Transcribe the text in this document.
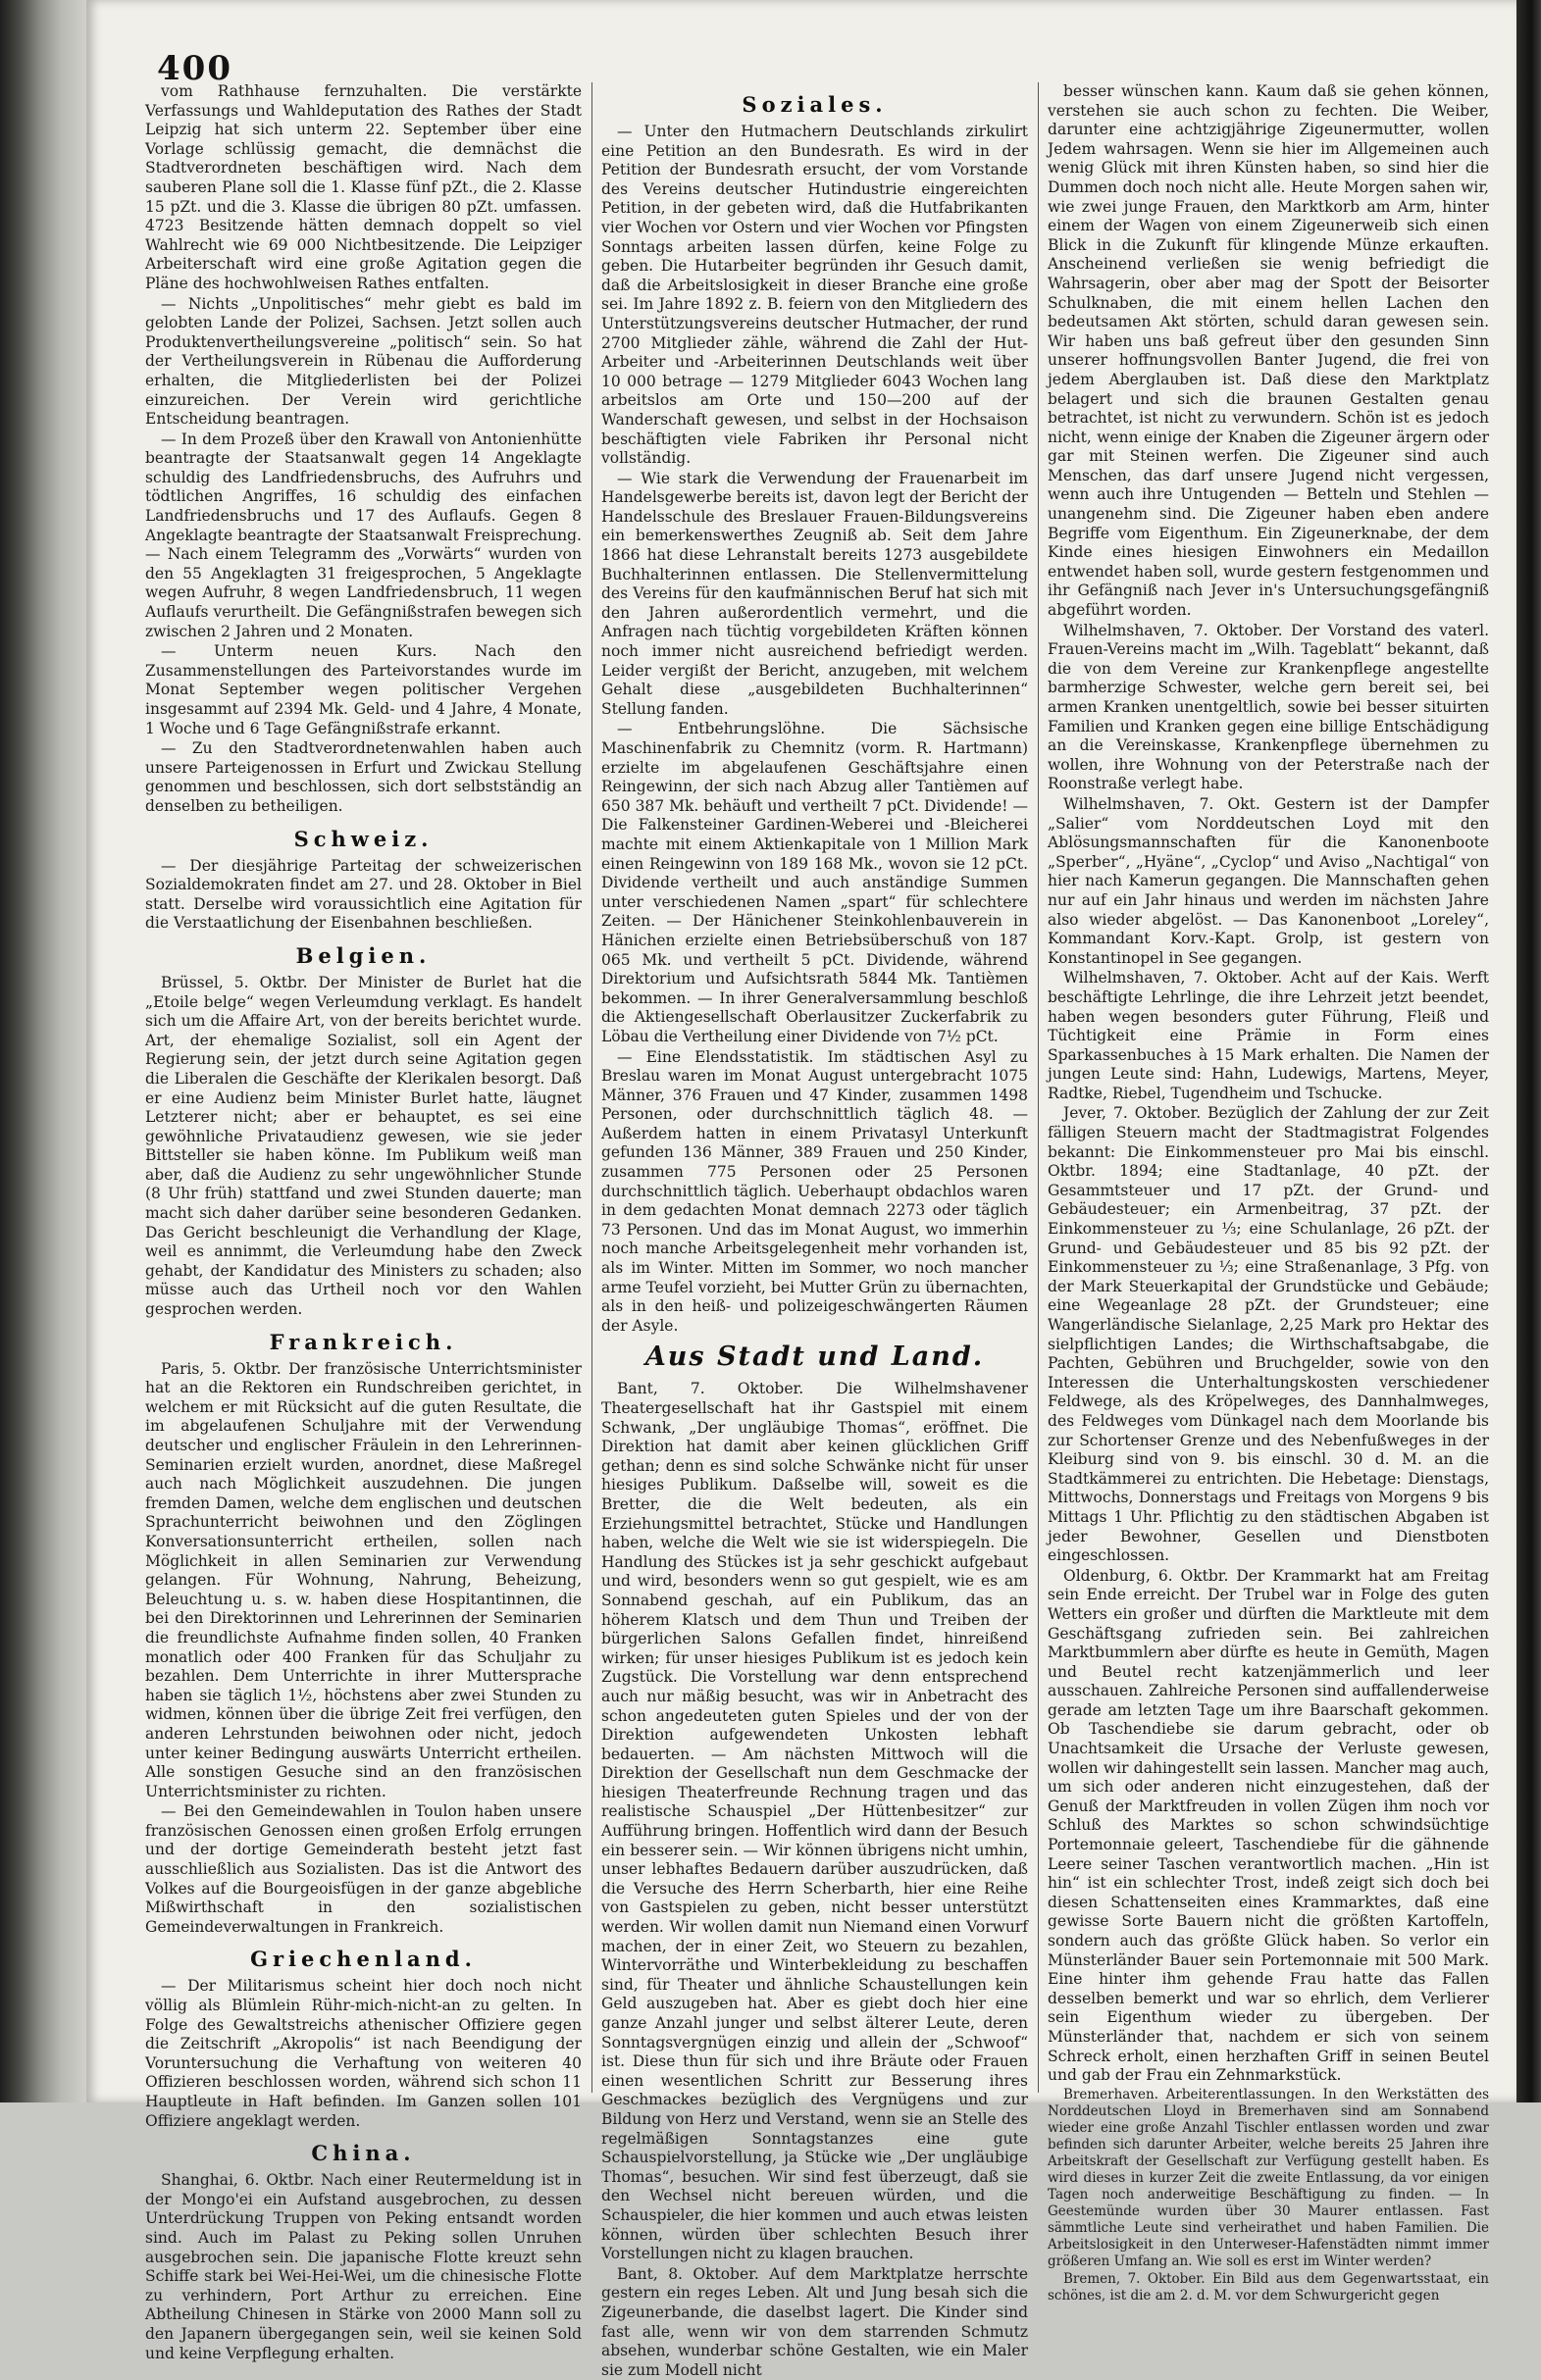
400

vom Rathhause fernzuhalten. Die verstärkte Verfassungs und Wahldeputation des Rathes der Stadt Leipzig hat sich unterm 22. September über eine Vorlage schlüssig gemacht, die demnächst die Stadtverordneten beschäftigen wird. Nach dem sauberen Plane soll die 1. Klasse fünf pZt., die 2. Klasse 15 pZt. und die 3. Klasse die übrigen 80 pZt. umfassen. 4723 Besitzende hätten demnach doppelt so viel Wahlrecht wie 69 000 Nichtbesitzende. Die Leipziger Arbeiterschaft wird eine große Agitation gegen die Pläne des hochwohlweisen Rathes entfalten.

— Nichts „Unpolitisches“ mehr giebt es bald im gelobten Lande der Polizei, Sachsen. Jetzt sollen auch Produktenvertheilungsvereine „politisch“ sein. So hat der Vertheilungsverein in Rübenau die Aufforderung erhalten, die Mitgliederlisten bei der Polizei einzureichen. Der Verein wird gerichtliche Entscheidung beantragen.

— In dem Prozeß über den Krawall von Antonienhütte beantragte der Staatsanwalt gegen 14 Angeklagte schuldig des Landfriedensbruchs, des Aufruhrs und tödtlichen Angriffes, 16 schuldig des einfachen Landfriedensbruchs und 17 des Auflaufs. Gegen 8 Angeklagte beantragte der Staatsanwalt Freisprechung. — Nach einem Telegramm des „Vorwärts“ wurden von den 55 Angeklagten 31 freigesprochen, 5 Angeklagte wegen Aufruhr, 8 wegen Landfriedensbruch, 11 wegen Auflaufs verurtheilt. Die Gefängnißstrafen bewegen sich zwischen 2 Jahren und 2 Monaten.

— Unterm neuen Kurs. Nach den Zusammenstellungen des Parteivorstandes wurde im Monat September wegen politischer Vergehen insgesammt auf 2394 Mk. Geld- und 4 Jahre, 4 Monate, 1 Woche und 6 Tage Gefängnißstrafe erkannt.

— Zu den Stadtverordnetenwahlen haben auch unsere Parteigenossen in Erfurt und Zwickau Stellung genommen und beschlossen, sich dort selbstständig an denselben zu betheiligen.

Schweiz.

— Der diesjährige Parteitag der schweizerischen Sozialdemokraten findet am 27. und 28. Oktober in Biel statt. Derselbe wird voraussichtlich eine Agitation für die Verstaatlichung der Eisenbahnen beschließen.

Belgien.

Brüssel, 5. Oktbr. Der Minister de Burlet hat die „Etoile belge“ wegen Verleumdung verklagt. Es handelt sich um die Affaire Art, von der bereits berichtet wurde. Art, der ehemalige Sozialist, soll ein Agent der Regierung sein, der jetzt durch seine Agitation gegen die Liberalen die Geschäfte der Klerikalen besorgt. Daß er eine Audienz beim Minister Burlet hatte, läugnet Letzterer nicht; aber er behauptet, es sei eine gewöhnliche Privataudienz gewesen, wie sie jeder Bittsteller sie haben könne. Im Publikum weiß man aber, daß die Audienz zu sehr ungewöhnlicher Stunde (8 Uhr früh) stattfand und zwei Stunden dauerte; man macht sich daher darüber seine besonderen Gedanken. Das Gericht beschleunigt die Verhandlung der Klage, weil es annimmt, die Verleumdung habe den Zweck gehabt, der Kandidatur des Ministers zu schaden; also müsse auch das Urtheil noch vor den Wahlen gesprochen werden.

Frankreich.

Paris, 5. Oktbr. Der französische Unterrichtsminister hat an die Rektoren ein Rundschreiben gerichtet, in welchem er mit Rücksicht auf die guten Resultate, die im abgelaufenen Schuljahre mit der Verwendung deutscher und englischer Fräulein in den Lehrerinnen-Seminarien erzielt wurden, anordnet, diese Maßregel auch nach Möglichkeit auszudehnen. Die jungen fremden Damen, welche dem englischen und deutschen Sprachunterricht beiwohnen und den Zöglingen Konversationsunterricht ertheilen, sollen nach Möglichkeit in allen Seminarien zur Verwendung gelangen. Für Wohnung, Nahrung, Beheizung, Beleuchtung u. s. w. haben diese Hospitantinnen, die bei den Direktorinnen und Lehrerinnen der Seminarien die freundlichste Aufnahme finden sollen, 40 Franken monatlich oder 400 Franken für das Schuljahr zu bezahlen. Dem Unterrichte in ihrer Muttersprache haben sie täglich 1½, höchstens aber zwei Stunden zu widmen, können über die übrige Zeit frei verfügen, den anderen Lehrstunden beiwohnen oder nicht, jedoch unter keiner Bedingung auswärts Unterricht ertheilen. Alle sonstigen Gesuche sind an den französischen Unterrichtsminister zu richten.

— Bei den Gemeindewahlen in Toulon haben unsere französischen Genossen einen großen Erfolg errungen und der dortige Gemeinderath besteht jetzt fast ausschließlich aus Sozialisten. Das ist die Antwort des Volkes auf die Bourgeoisfügen in der ganze abgebliche Mißwirthschaft in den sozialistischen Gemeindeverwaltungen in Frankreich.

Griechenland.

— Der Militarismus scheint hier doch noch nicht völlig als Blümlein Rühr-mich-nicht-an zu gelten. In Folge des Gewaltstreichs athenischer Offiziere gegen die Zeitschrift „Akropolis“ ist nach Beendigung der Voruntersuchung die Verhaftung von weiteren 40 Offizieren beschlossen worden, während sich schon 11 Hauptleute in Haft befinden. Im Ganzen sollen 101 Offiziere angeklagt werden.

China.

Shanghai, 6. Oktbr. Nach einer Reutermeldung ist in der Mongo'ei ein Aufstand ausgebrochen, zu dessen Unterdrückung Truppen von Peking entsandt worden sind. Auch im Palast zu Peking sollen Unruhen ausgebrochen sein. Die japanische Flotte kreuzt sehn Schiffe stark bei Wei-Hei-Wei, um die chinesische Flotte zu verhindern, Port Arthur zu erreichen. Eine Abtheilung Chinesen in Stärke von 2000 Mann soll zu den Japanern übergegangen sein, weil sie keinen Sold und keine Verpflegung erhalten.

Soziales.

— Unter den Hutmachern Deutschlands zirkulirt eine Petition an den Bundesrath. Es wird in der Petition der Bundesrath ersucht, der vom Vorstande des Vereins deutscher Hutindustrie eingereichten Petition, in der gebeten wird, daß die Hutfabrikanten vier Wochen vor Ostern und vier Wochen vor Pfingsten Sonntags arbeiten lassen dürfen, keine Folge zu geben. Die Hutarbeiter begründen ihr Gesuch damit, daß die Arbeitslosigkeit in dieser Branche eine große sei. Im Jahre 1892 z. B. feiern von den Mitgliedern des Unterstützungsvereins deutscher Hutmacher, der rund 2700 Mitglieder zähle, während die Zahl der Hut-Arbeiter und -Arbeiterinnen Deutschlands weit über 10 000 betrage — 1279 Mitglieder 6043 Wochen lang arbeitslos am Orte und 150—200 auf der Wanderschaft gewesen, und selbst in der Hochsaison beschäftigten viele Fabriken ihr Personal nicht vollständig.

— Wie stark die Verwendung der Frauenarbeit im Handelsgewerbe bereits ist, davon legt der Bericht der Handelsschule des Breslauer Frauen-Bildungsvereins ein bemerkenswerthes Zeugniß ab. Seit dem Jahre 1866 hat diese Lehranstalt bereits 1273 ausgebildete Buchhalterinnen entlassen. Die Stellenvermittelung des Vereins für den kaufmännischen Beruf hat sich mit den Jahren außerordentlich vermehrt, und die Anfragen nach tüchtig vorgebildeten Kräften können noch immer nicht ausreichend befriedigt werden. Leider vergißt der Bericht, anzugeben, mit welchem Gehalt diese „ausgebildeten Buchhalterinnen“ Stellung fanden.

— Entbehrungslöhne. Die Sächsische Maschinenfabrik zu Chemnitz (vorm. R. Hartmann) erzielte im abgelaufenen Geschäftsjahre einen Reingewinn, der sich nach Abzug aller Tantièmen auf 650 387 Mk. behäuft und vertheilt 7 pCt. Dividende! — Die Falkensteiner Gardinen-Weberei und -Bleicherei machte mit einem Aktienkapitale von 1 Million Mark einen Reingewinn von 189 168 Mk., wovon sie 12 pCt. Dividende vertheilt und auch anständige Summen unter verschiedenen Namen „spart“ für schlechtere Zeiten. — Der Hänichener Steinkohlenbauverein in Hänichen erzielte einen Betriebsüberschuß von 187 065 Mk. und vertheilt 5 pCt. Dividende, während Direktorium und Aufsichtsrath 5844 Mk. Tantièmen bekommen. — In ihrer Generalversammlung beschloß die Aktiengesellschaft Oberlausitzer Zuckerfabrik zu Löbau die Vertheilung einer Dividende von 7½ pCt.

— Eine Elendsstatistik. Im städtischen Asyl zu Breslau waren im Monat August untergebracht 1075 Männer, 376 Frauen und 47 Kinder, zusammen 1498 Personen, oder durchschnittlich täglich 48. — Außerdem hatten in einem Privatasyl Unterkunft gefunden 136 Männer, 389 Frauen und 250 Kinder, zusammen 775 Personen oder 25 Personen durchschnittlich täglich. Ueberhaupt obdachlos waren in dem gedachten Monat demnach 2273 oder täglich 73 Personen. Und das im Monat August, wo immerhin noch manche Arbeitsgelegenheit mehr vorhanden ist, als im Winter. Mitten im Sommer, wo noch mancher arme Teufel vorzieht, bei Mutter Grün zu übernachten, als in den heiß- und polizeigeschwängerten Räumen der Asyle.

Aus Stadt und Land.

Bant, 7. Oktober. Die Wilhelmshavener Theatergesellschaft hat ihr Gastspiel mit einem Schwank, „Der ungläubige Thomas“, eröffnet. Die Direktion hat damit aber keinen glücklichen Griff gethan; denn es sind solche Schwänke nicht für unser hiesiges Publikum. Daßselbe will, soweit es die Bretter, die die Welt bedeuten, als ein Erziehungsmittel betrachtet, Stücke und Handlungen haben, welche die Welt wie sie ist widerspiegeln. Die Handlung des Stückes ist ja sehr geschickt aufgebaut und wird, besonders wenn so gut gespielt, wie es am Sonnabend geschah, auf ein Publikum, das an höherem Klatsch und dem Thun und Treiben der bürgerlichen Salons Gefallen findet, hinreißend wirken; für unser hiesiges Publikum ist es jedoch kein Zugstück. Die Vorstellung war denn entsprechend auch nur mäßig besucht, was wir in Anbetracht des schon angedeuteten guten Spieles und der von der Direktion aufgewendeten Unkosten lebhaft bedauerten. — Am nächsten Mittwoch will die Direktion der Gesellschaft nun dem Geschmacke der hiesigen Theaterfreunde Rechnung tragen und das realistische Schauspiel „Der Hüttenbesitzer“ zur Aufführung bringen. Hoffentlich wird dann der Besuch ein besserer sein. — Wir können übrigens nicht umhin, unser lebhaftes Bedauern darüber auszudrücken, daß die Versuche des Herrn Scherbarth, hier eine Reihe von Gastspielen zu geben, nicht besser unterstützt werden. Wir wollen damit nun Niemand einen Vorwurf machen, der in einer Zeit, wo Steuern zu bezahlen, Wintervorräthe und Winterbekleidung zu beschaffen sind, für Theater und ähnliche Schaustellungen kein Geld auszugeben hat. Aber es giebt doch hier eine ganze Anzahl junger und selbst älterer Leute, deren Sonntagsvergnügen einzig und allein der „Schwoof“ ist. Diese thun für sich und ihre Bräute oder Frauen einen wesentlichen Schritt zur Besserung ihres Geschmackes bezüglich des Vergnügens und zur Bildung von Herz und Verstand, wenn sie an Stelle des regelmäßigen Sonntagstanzes eine gute Schauspielvorstellung, ja Stücke wie „Der ungläubige Thomas“, besuchen. Wir sind fest überzeugt, daß sie den Wechsel nicht bereuen würden, und die Schauspieler, die hier kommen und auch etwas leisten können, würden über schlechten Besuch ihrer Vorstellungen nicht zu klagen brauchen.

Bant, 8. Oktober. Auf dem Marktplatze herrschte gestern ein reges Leben. Alt und Jung besah sich die Zigeunerbande, die daselbst lagert. Die Kinder sind fast alle, wenn wir von dem starrenden Schmutz absehen, wunderbar schöne Gestalten, wie ein Maler sie zum Modell nicht

besser wünschen kann. Kaum daß sie gehen können, verstehen sie auch schon zu fechten. Die Weiber, darunter eine achtzigjährige Zigeunermutter, wollen Jedem wahrsagen. Wenn sie hier im Allgemeinen auch wenig Glück mit ihren Künsten haben, so sind hier die Dummen doch noch nicht alle. Heute Morgen sahen wir, wie zwei junge Frauen, den Marktkorb am Arm, hinter einem der Wagen von einem Zigeunerweib sich einen Blick in die Zukunft für klingende Münze erkauften. Anscheinend verließen sie wenig befriedigt die Wahrsagerin, ober aber mag der Spott der Beisorter Schulknaben, die mit einem hellen Lachen den bedeutsamen Akt störten, schuld daran gewesen sein. Wir haben uns baß gefreut über den gesunden Sinn unserer hoffnungsvollen Banter Jugend, die frei von jedem Aberglauben ist. Daß diese den Marktplatz belagert und sich die braunen Gestalten genau betrachtet, ist nicht zu verwundern. Schön ist es jedoch nicht, wenn einige der Knaben die Zigeuner ärgern oder gar mit Steinen werfen. Die Zigeuner sind auch Menschen, das darf unsere Jugend nicht vergessen, wenn auch ihre Untugenden — Betteln und Stehlen — unangenehm sind. Die Zigeuner haben eben andere Begriffe vom Eigenthum. Ein Zigeunerknabe, der dem Kinde eines hiesigen Einwohners ein Medaillon entwendet haben soll, wurde gestern festgenommen und ihr Gefängniß nach Jever in's Untersuchungsgefängniß abgeführt worden.

Wilhelmshaven, 7. Oktober. Der Vorstand des vaterl. Frauen-Vereins macht im „Wilh. Tageblatt“ bekannt, daß die von dem Vereine zur Krankenpflege angestellte barmherzige Schwester, welche gern bereit sei, bei armen Kranken unentgeltlich, sowie bei besser situirten Familien und Kranken gegen eine billige Entschädigung an die Vereinskasse, Krankenpflege übernehmen zu wollen, ihre Wohnung von der Peterstraße nach der Roonstraße verlegt habe.

Wilhelmshaven, 7. Okt. Gestern ist der Dampfer „Salier“ vom Norddeutschen Loyd mit den Ablösungsmannschaften für die Kanonenboote „Sperber“, „Hyäne“, „Cyclop“ und Aviso „Nachtigal“ von hier nach Kamerun gegangen. Die Mannschaften gehen nur auf ein Jahr hinaus und werden im nächsten Jahre also wieder abgelöst. — Das Kanonenboot „Loreley“, Kommandant Korv.-Kapt. Grolp, ist gestern von Konstantinopel in See gegangen.

Wilhelmshaven, 7. Oktober. Acht auf der Kais. Werft beschäftigte Lehrlinge, die ihre Lehrzeit jetzt beendet, haben wegen besonders guter Führung, Fleiß und Tüchtigkeit eine Prämie in Form eines Sparkassenbuches à 15 Mark erhalten. Die Namen der jungen Leute sind: Hahn, Ludewigs, Martens, Meyer, Radtke, Riebel, Tugendheim und Tschucke.

Jever, 7. Oktober. Bezüglich der Zahlung der zur Zeit fälligen Steuern macht der Stadtmagistrat Folgendes bekannt: Die Einkommensteuer pro Mai bis einschl. Oktbr. 1894; eine Stadtanlage, 40 pZt. der Gesammtsteuer und 17 pZt. der Grund- und Gebäudesteuer; ein Armenbeitrag, 37 pZt. der Einkommensteuer zu ⅓; eine Schulanlage, 26 pZt. der Grund- und Gebäudesteuer und 85 bis 92 pZt. der Einkommensteuer zu ⅓; eine Straßenanlage, 3 Pfg. von der Mark Steuerkapital der Grundstücke und Gebäude; eine Wegeanlage 28 pZt. der Grundsteuer; eine Wangerländische Sielanlage, 2,25 Mark pro Hektar des sielpflichtigen Landes; die Wirthschaftsabgabe, die Pachten, Gebühren und Bruchgelder, sowie von den Interessen die Unterhaltungskosten verschiedener Feldwege, als des Kröpelweges, des Dannhalmweges, des Feldweges vom Dünkagel nach dem Moorlande bis zur Schortenser Grenze und des Nebenfußweges in der Kleiburg sind von 9. bis einschl. 30 d. M. an die Stadtkämmerei zu entrichten. Die Hebetage: Dienstags, Mittwochs, Donnerstags und Freitags von Morgens 9 bis Mittags 1 Uhr. Pflichtig zu den städtischen Abgaben ist jeder Bewohner, Gesellen und Dienstboten eingeschlossen.

Oldenburg, 6. Oktbr. Der Krammarkt hat am Freitag sein Ende erreicht. Der Trubel war in Folge des guten Wetters ein großer und dürften die Marktleute mit dem Geschäftsgang zufrieden sein. Bei zahlreichen Marktbummlern aber dürfte es heute in Gemüth, Magen und Beutel recht katzenjämmerlich und leer ausschauen. Zahlreiche Personen sind auffallenderweise gerade am letzten Tage um ihre Baarschaft gekommen. Ob Taschendiebe sie darum gebracht, oder ob Unachtsamkeit die Ursache der Verluste gewesen, wollen wir dahingestellt sein lassen. Mancher mag auch, um sich oder anderen nicht einzugestehen, daß der Genuß der Marktfreuden in vollen Zügen ihm noch vor Schluß des Marktes so schon schwindsüchtige Portemonnaie geleert, Taschendiebe für die gähnende Leere seiner Taschen verantwortlich machen. „Hin ist hin“ ist ein schlechter Trost, indeß zeigt sich doch bei diesen Schattenseiten eines Krammarktes, daß eine gewisse Sorte Bauern nicht die größten Kartoffeln, sondern auch das größte Glück haben. So verlor ein Münsterländer Bauer sein Portemonnaie mit 500 Mark. Eine hinter ihm gehende Frau hatte das Fallen desselben bemerkt und war so ehrlich, dem Verlierer sein Eigenthum wieder zu übergeben. Der Münsterländer that, nachdem er sich von seinem Schreck erholt, einen herzhaften Griff in seinen Beutel und gab der Frau ein Zehnmarkstück.

Bremerhaven. Arbeiterentlassungen. In den Werkstätten des Norddeutschen Lloyd in Bremerhaven sind am Sonnabend wieder eine große Anzahl Tischler entlassen worden und zwar befinden sich darunter Arbeiter, welche bereits 25 Jahren ihre Arbeitskraft der Gesellschaft zur Verfügung gestellt haben. Es wird dieses in kurzer Zeit die zweite Entlassung, da vor einigen Tagen noch anderweitige Beschäftigung zu finden. — In Geestemünde wurden über 30 Maurer entlassen. Fast sämmtliche Leute sind verheirathet und haben Familien. Die Arbeitslosigkeit in den Unterweser-Hafenstädten nimmt immer größeren Umfang an. Wie soll es erst im Winter werden?

Bremen, 7. Oktober. Ein Bild aus dem Gegenwartsstaat, ein schönes, ist die am 2. d. M. vor dem Schwurgericht gegen
